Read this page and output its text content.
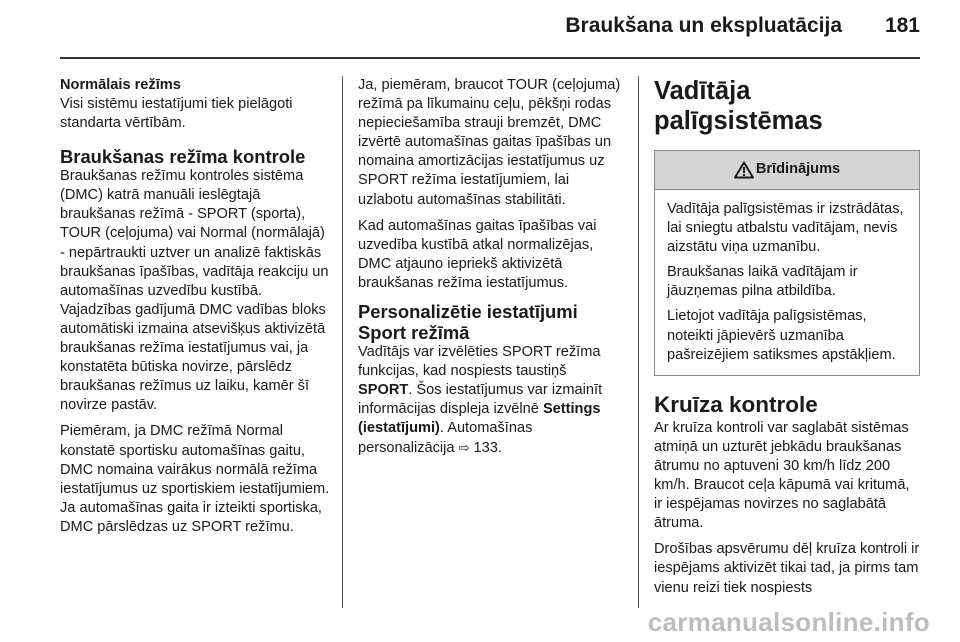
Braukšana un ekspluatācija 181
Normālais režīms

Visi sistēmu iestatījumi tiek pielāgoti standarta vērtībām.

Braukšanas režīma kontrole

Braukšanas režīmu kontroles sistēma (DMC) katrā manuāli ieslēgtajā braukšanas režīmā - SPORT (sporta), TOUR (ceļojuma) vai Normal (normālajā) - nepārtraukti uztver un analizē faktiskās braukšanas īpašības, vadītāja reakciju un automašīnas uzvedību kustībā. Vajadzības gadījumā DMC vadības bloks automātiski izmaina atsevišķus aktivizētā braukšanas režīma iestatījumus vai, ja konstatēta būtiska novirze, pārslēdz braukšanas režīmus uz laiku, kamēr šī novirze pastāv.

Piemēram, ja DMC režīmā Normal konstatē sportisku automašīnas gaitu, DMC nomaina vairākus normālā režīma iestatījumus uz sportiskiem iestatījumiem. Ja automašīnas gaita ir izteikti sportiska, DMC pārslēdzas uz SPORT režīmu.

Ja, piemēram, braucot TOUR (ceļojuma) režīmā pa līkumainu ceļu, pēkšņi rodas nepieciešamība strauji bremzēt, DMC izvērtē automašīnas gaitas īpašības un nomaina amortizācijas iestatījumus uz SPORT režīma iestatījumiem, lai uzlabotu automašīnas stabilitāti.

Kad automašīnas gaitas īpašības vai uzvedība kustībā atkal normalizējas, DMC atjauno iepriekš aktivizētā braukšanas režīma iestatījumus.

Personalizētie iestatījumi Sport režīmā

Vadītājs var izvēlēties SPORT režīma funkcijas, kad nospiests taustiņš SPORT. Šos iestatījumus var izmainīt informācijas displeja izvēlnē Settings (iestatījumi). Automašīnas personalizācija ⇨ 133.

Vadītāja palīgsistēmas
Brīdinājums

Vadītāja palīgsistēmas ir izstrādātas, lai sniegtu atbalstu vadītājam, nevis aizstātu viņa uzmanību.

Braukšanas laikā vadītājam ir jāuzņemas pilna atbildība.

Lietojot vadītāja palīgsistēmas, noteikti jāpievērš uzmanība pašreizējiem satiksmes apstākļiem.

Kruīza kontrole

Ar kruīza kontroli var saglabāt sistēmas atmiņā un uzturēt jebkādu braukšanas ātrumu no aptuveni 30 km/h līdz 200 km/h. Braucot ceļa kāpumā vai kritumā, ir iespējamas novirzes no saglabātā ātruma.

Drošības apsvērumu dēļ kruīza kontroli ir iespējams aktivizēt tikai tad, ja pirms tam vienu reizi tiek nospiests

carmanualsonline.info
